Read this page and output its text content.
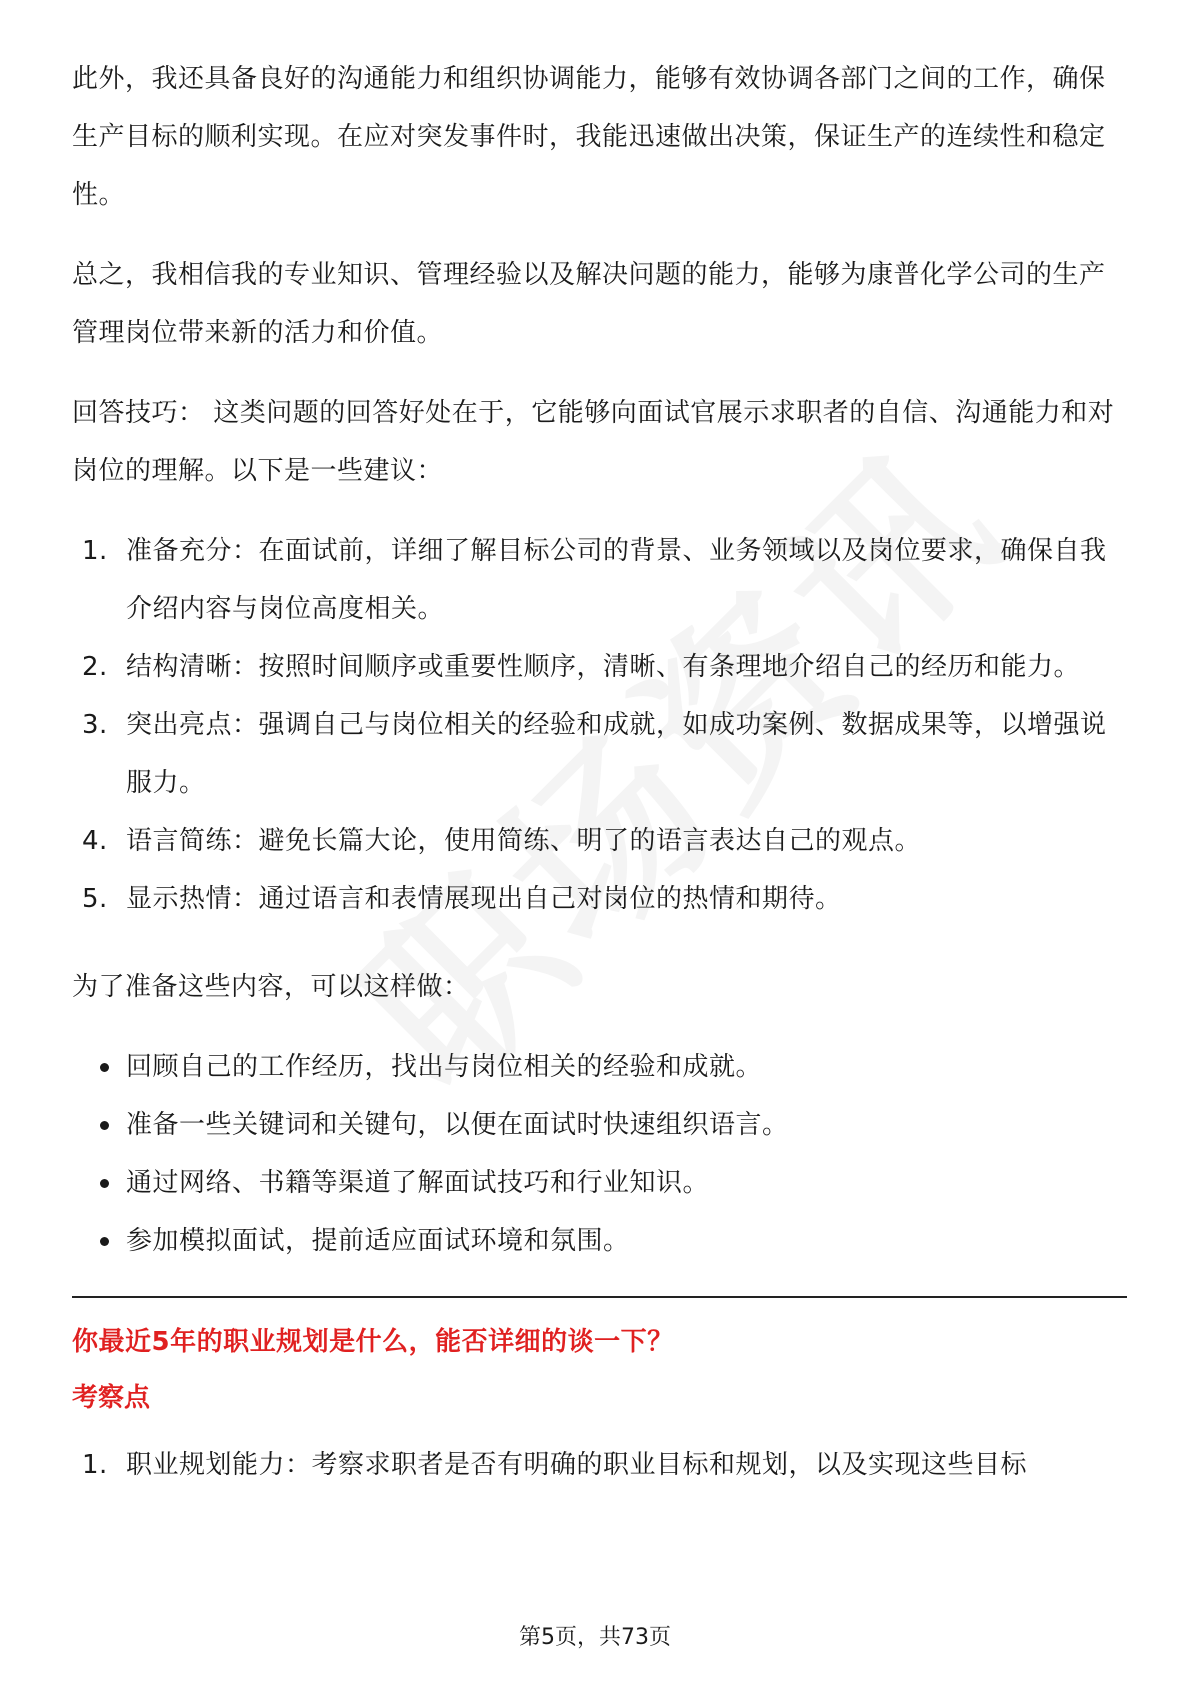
此外，我还具备良好的沟通能力和组织协调能力，能够有效协调各部门之间的工作，确保生产目标的顺利实现。在应对突发事件时，我能迅速做出决策，保证生产的连续性和稳定性。

总之，我相信我的专业知识、管理经验以及解决问题的能力，能够为康普化学公司的生产管理岗位带来新的活力和价值。

回答技巧： 这类问题的回答好处在于，它能够向面试官展示求职者的自信、沟通能力和对岗位的理解。以下是一些建议：

1. 准备充分：在面试前，详细了解目标公司的背景、业务领域以及岗位要求，确保自我介绍内容与岗位高度相关。
2. 结构清晰：按照时间顺序或重要性顺序，清晰、有条理地介绍自己的经历和能力。
3. 突出亮点：强调自己与岗位相关的经验和成就，如成功案例、数据成果等，以增强说服力。
4. 语言简练：避免长篇大论，使用简练、明了的语言表达自己的观点。
5. 显示热情：通过语言和表情展现出自己对岗位的热情和期待。

为了准备这些内容，可以这样做：

回顾自己的工作经历，找出与岗位相关的经验和成就。
准备一些关键词和关键句，以便在面试时快速组织语言。
通过网络、书籍等渠道了解面试技巧和行业知识。
参加模拟面试，提前适应面试环境和氛围。
你最近5年的职业规划是什么，能否详细的谈一下？
考察点
1. 职业规划能力：考察求职者是否有明确的职业目标和规划，以及实现这些目标
第5页，共73页
